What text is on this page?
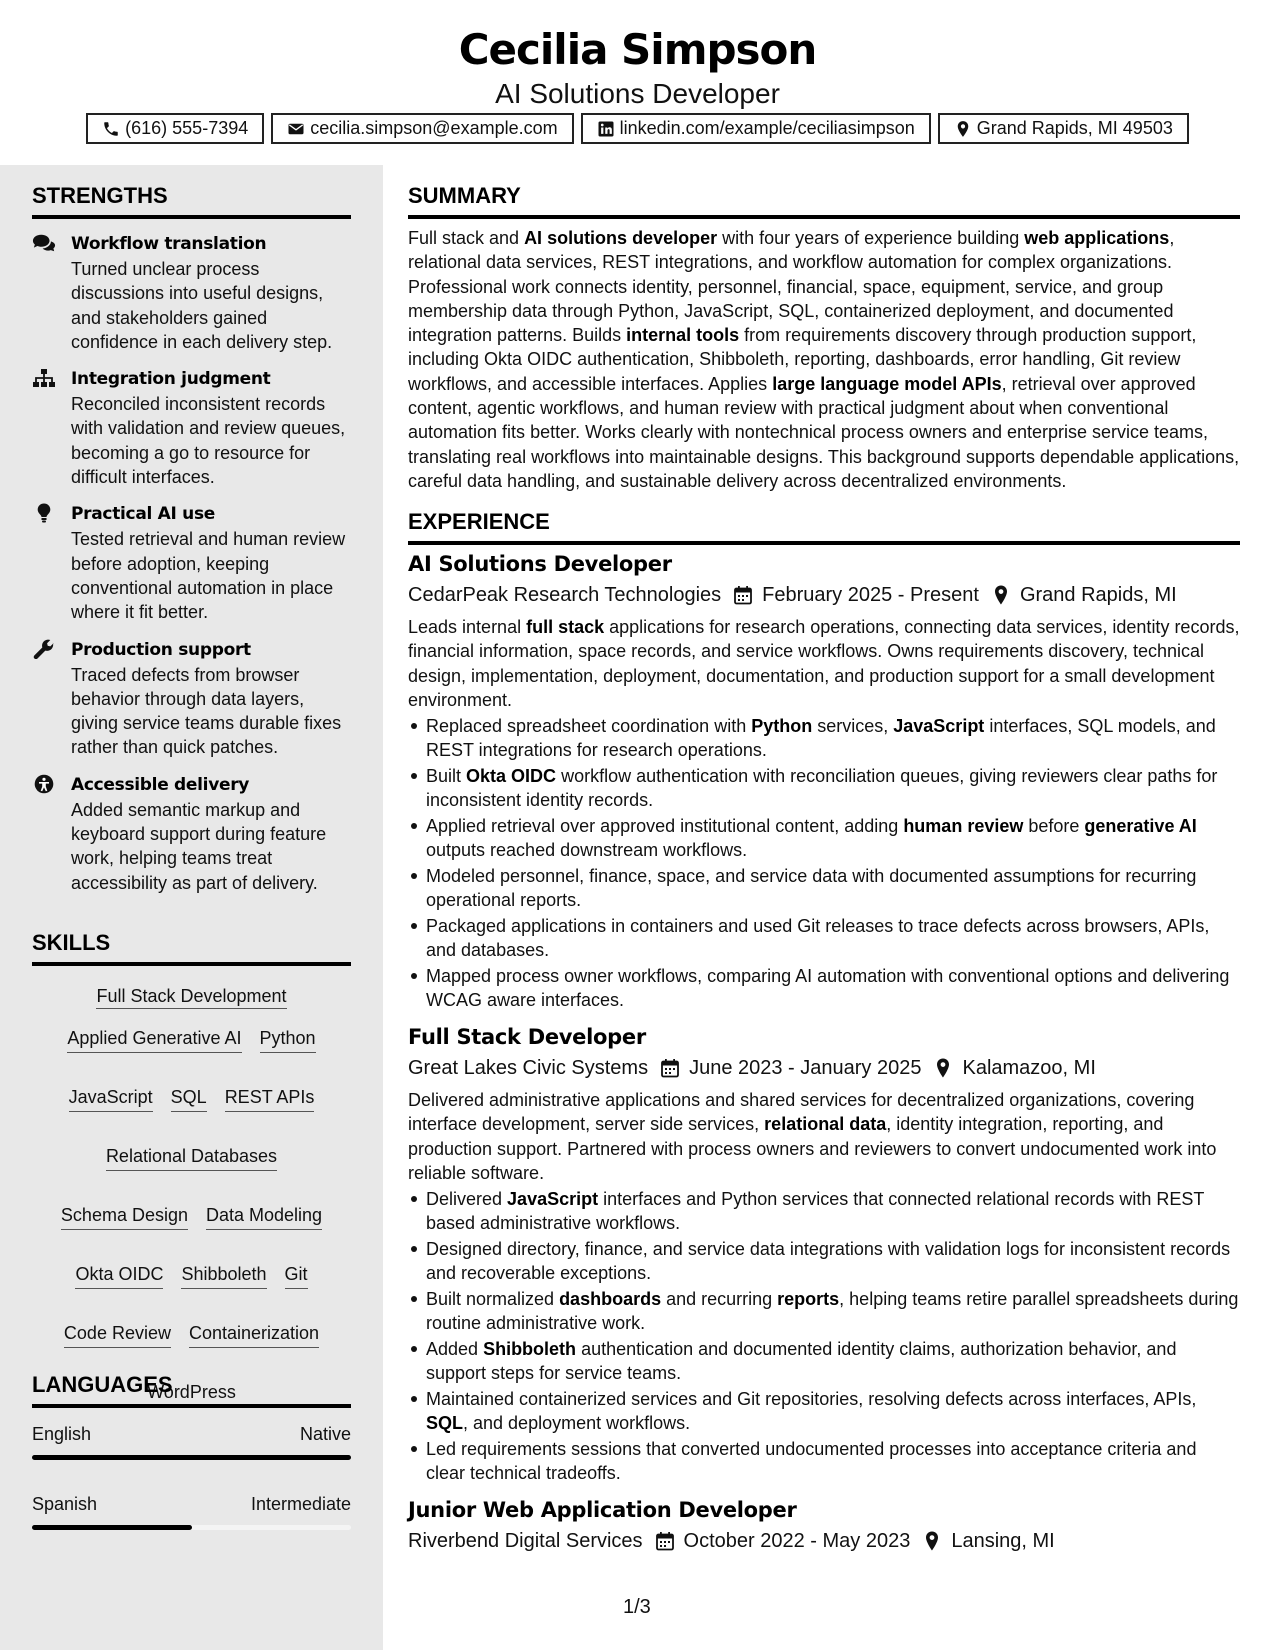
Cecilia Simpson
AI Solutions Developer
(616) 555-7394	cecilia.simpson@example.com	linkedin.com/example/ceciliasimpson	Grand Rapids, MI 49503
STRENGTHS
Workflow translation
Turned unclear process discussions into useful designs, and stakeholders gained confidence in each delivery step.
Integration judgment
Reconciled inconsistent records with validation and review queues, becoming a go to resource for difficult interfaces.
Practical AI use
Tested retrieval and human review before adoption, keeping conventional automation in place where it fit better.
Production support
Traced defects from browser behavior through data layers, giving service teams durable fixes rather than quick patches.
Accessible delivery
Added semantic markup and keyboard support during feature work, helping teams treat accessibility as part of delivery.
SKILLS
Full Stack Development
Applied Generative AI Python
JavaScript SQL REST APIs
Relational Databases
Schema Design Data Modeling
Okta OIDC Shibboleth Git
Code Review Containerization
WordPress
LANGUAGES
English	Native
Spanish	Intermediate
SUMMARY
Full stack and AI solutions developer with four years of experience building web applications, relational data services, REST integrations, and workflow automation for complex organizations. Professional work connects identity, personnel, financial, space, equipment, service, and group membership data through Python, JavaScript, SQL, containerized deployment, and documented integration patterns. Builds internal tools from requirements discovery through production support, including Okta OIDC authentication, Shibboleth, reporting, dashboards, error handling, Git review workflows, and accessible interfaces. Applies large language model APIs, retrieval over approved content, agentic workflows, and human review with practical judgment about when conventional automation fits better. Works clearly with nontechnical process owners and enterprise service teams, translating real workflows into maintainable designs. This background supports dependable applications, careful data handling, and sustainable delivery across decentralized environments.
EXPERIENCE
AI Solutions Developer
CedarPeak Research Technologies February 2025 - Present Grand Rapids, MI
Leads internal full stack applications for research operations, connecting data services, identity records, financial information, space records, and service workflows. Owns requirements discovery, technical design, implementation, deployment, documentation, and production support for a small development environment.
Replaced spreadsheet coordination with Python services, JavaScript interfaces, SQL models, and REST integrations for research operations.
Built Okta OIDC workflow authentication with reconciliation queues, giving reviewers clear paths for inconsistent identity records.
Applied retrieval over approved institutional content, adding human review before generative AI outputs reached downstream workflows.
Modeled personnel, finance, space, and service data with documented assumptions for recurring operational reports.
Packaged applications in containers and used Git releases to trace defects across browsers, APIs, and databases.
Mapped process owner workflows, comparing AI automation with conventional options and delivering WCAG aware interfaces.
Full Stack Developer
Great Lakes Civic Systems June 2023 - January 2025 Kalamazoo, MI
Delivered administrative applications and shared services for decentralized organizations, covering interface development, server side services, relational data, identity integration, reporting, and production support. Partnered with process owners and reviewers to convert undocumented work into reliable software.
Delivered JavaScript interfaces and Python services that connected relational records with REST based administrative workflows.
Designed directory, finance, and service data integrations with validation logs for inconsistent records and recoverable exceptions.
Built normalized dashboards and recurring reports, helping teams retire parallel spreadsheets during routine administrative work.
Added Shibboleth authentication and documented identity claims, authorization behavior, and support steps for service teams.
Maintained containerized services and Git repositories, resolving defects across interfaces, APIs, SQL, and deployment workflows.
Led requirements sessions that converted undocumented processes into acceptance criteria and clear technical tradeoffs.
Junior Web Application Developer
Riverbend Digital Services October 2022 - May 2023 Lansing, MI
1/3
